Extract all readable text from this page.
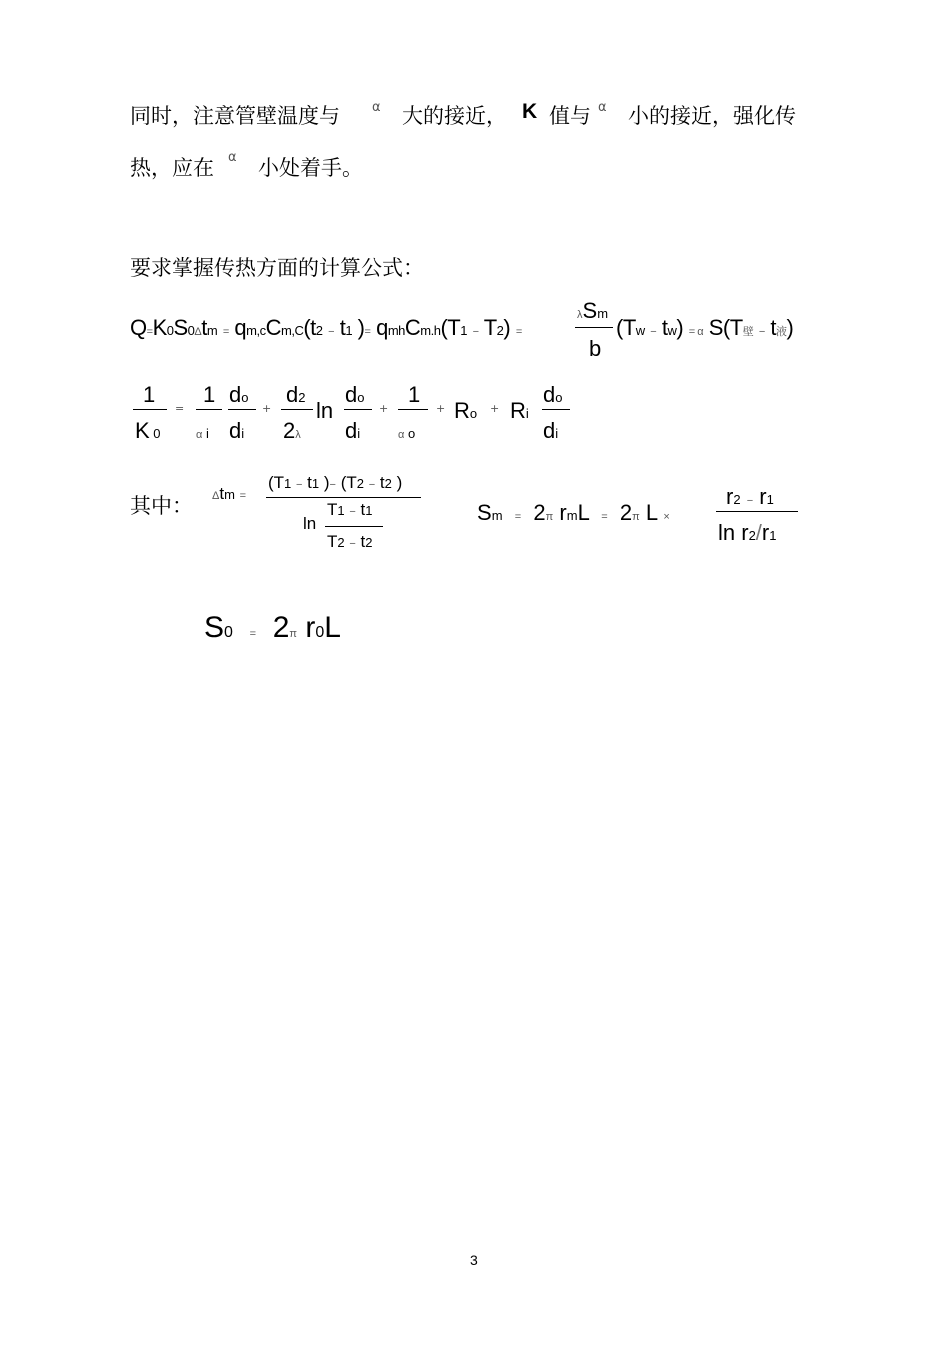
同时，注意管壁温度与 α 大的接近， K 值与 α 小的接近，强化传
热，应在 α 小处着手。
要求掌握传热方面的计算公式：
Q=K0S0Δtm = qm,cCm,C(t2 − t1 )= qmhCm.h(T1 − T2) =
λSm
b
(Tw − tw) = α S(T壁 − t液)
1
K 0
=
1
α i
do
di
+
d2
2λ
ln
do
di
+
1
α o
+ Ro + Ri
do
di
其中： Δtm =
(T1 − t1 )− (T2 − t2 )
ln
T1 − t1
T2 − t2
Sm =  2π rmL  =  2π L ×
r2 − r1
ln r2/r1
S0 =  2π r0L
3
